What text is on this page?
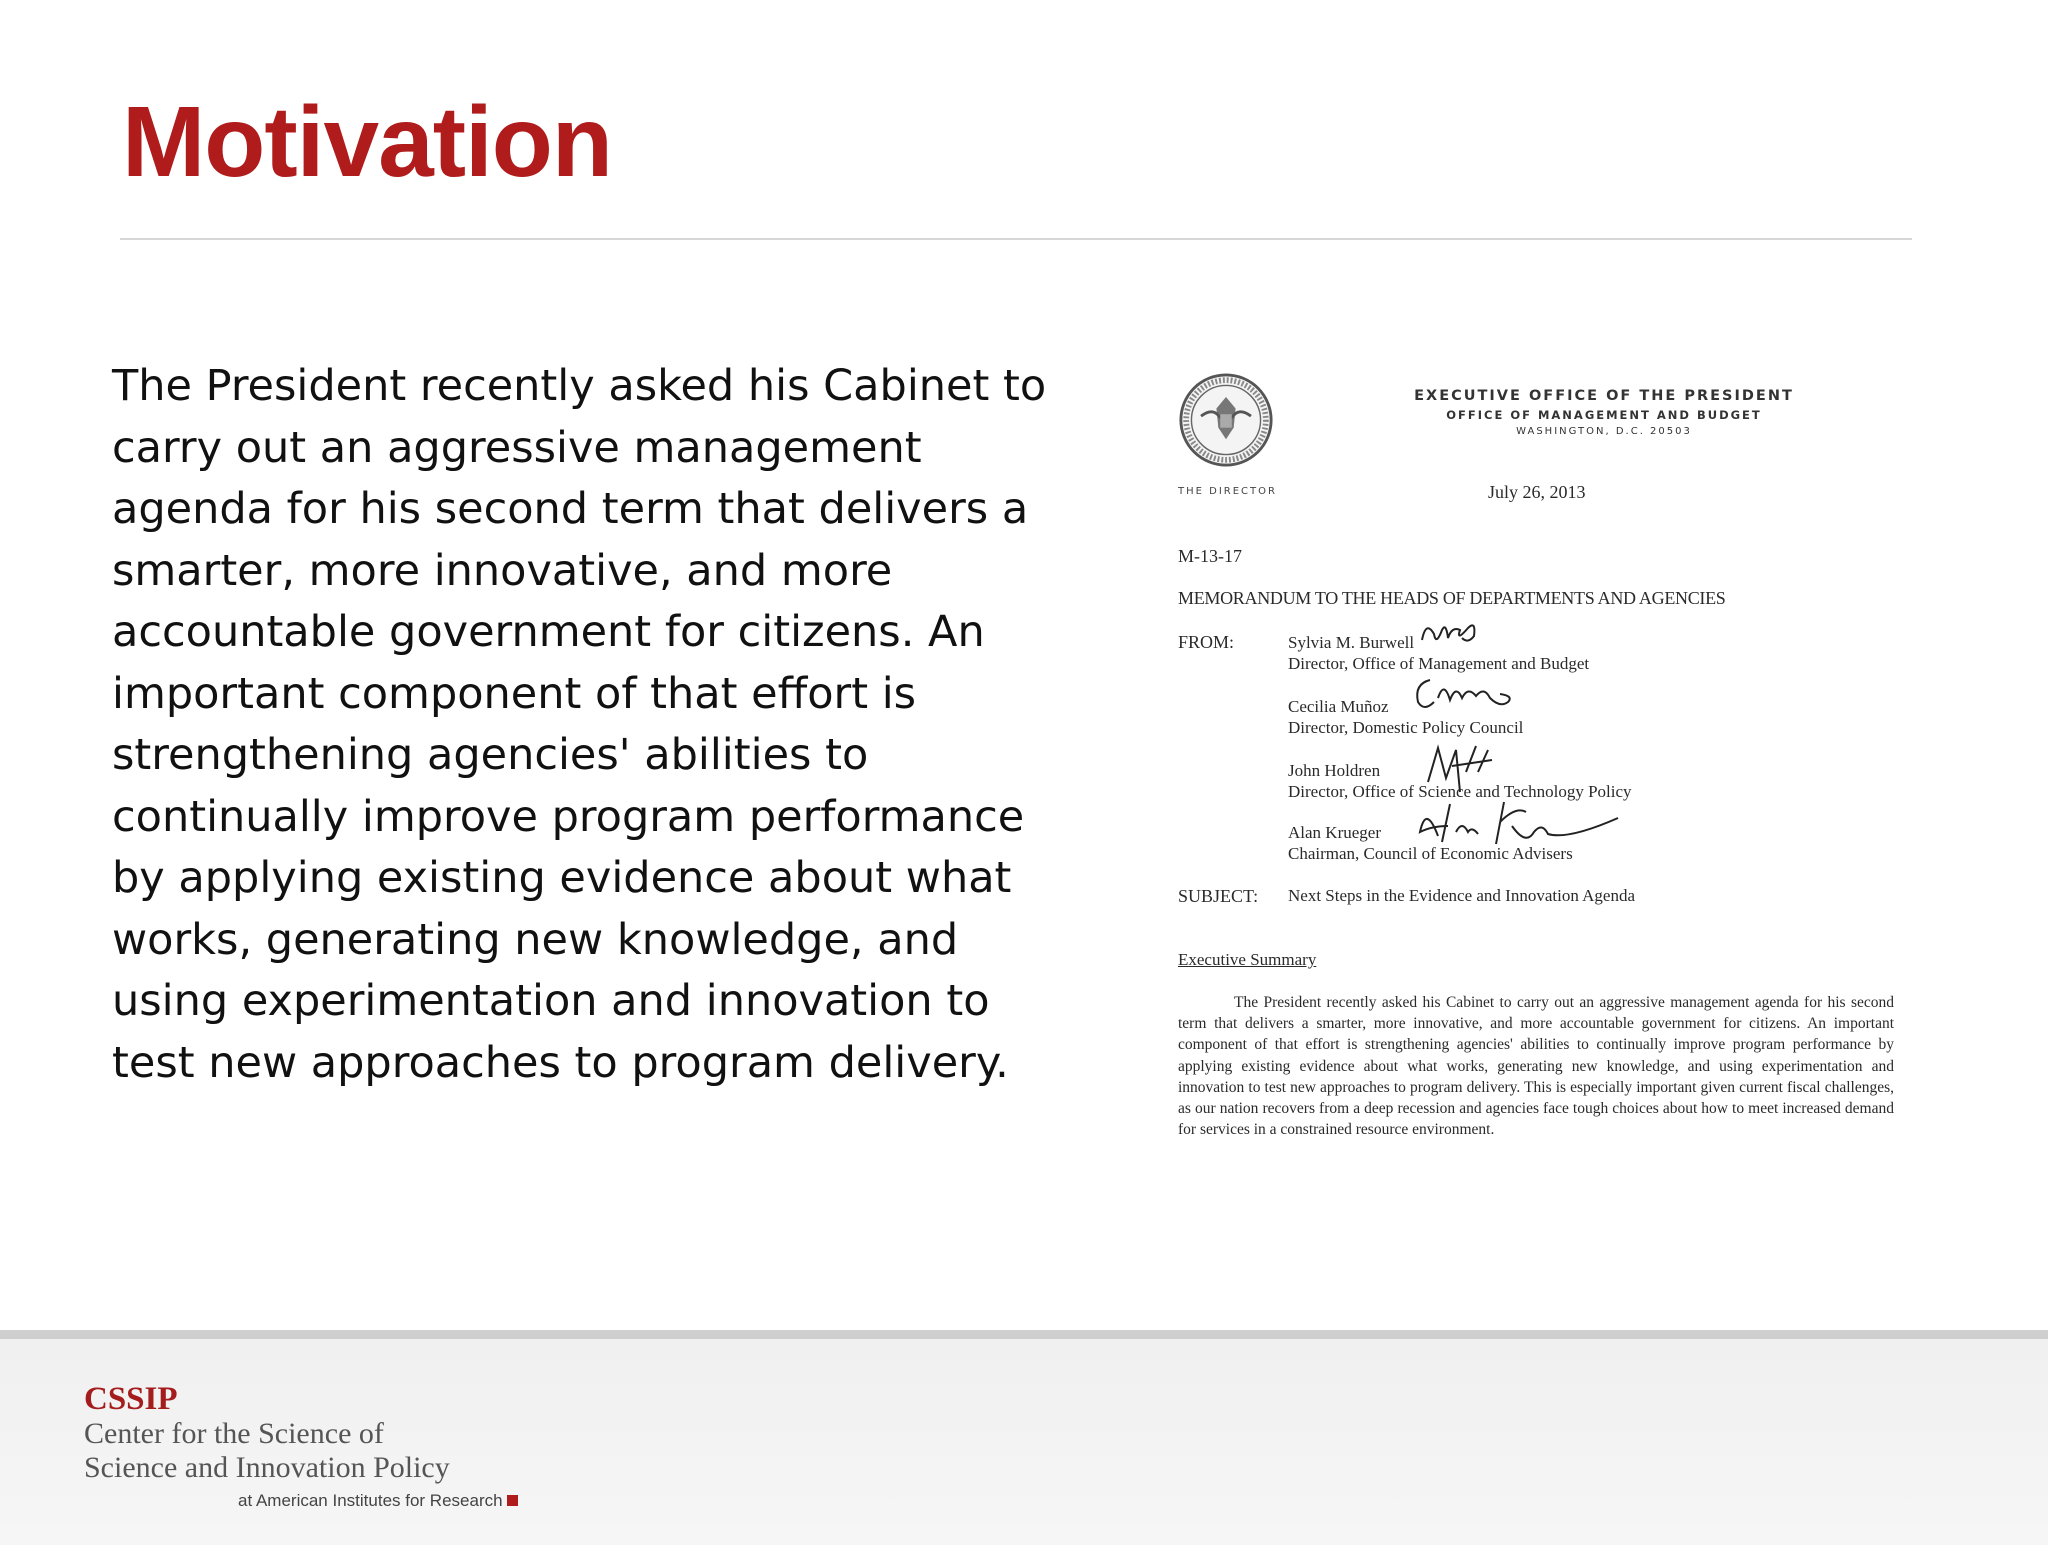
Motivation

The President recently asked his Cabinet to carry out an aggressive management agenda for his second term that delivers a smarter, more innovative, and more accountable government for citizens. An important component of that effort is strengthening agencies' abilities to continually improve program performance by applying existing evidence about what works, generating new knowledge, and using experimentation and innovation to test new approaches to program delivery.

EXECUTIVE OFFICE OF THE PRESIDENT
OFFICE OF MANAGEMENT AND BUDGET
WASHINGTON, D.C. 20503
THE DIRECTOR	July 26, 2013
M-13-17
MEMORANDUM TO THE HEADS OF DEPARTMENTS AND AGENCIES
FROM:	Sylvia M. Burwell
Director, Office of Management and Budget
Cecilia Muñoz
Director, Domestic Policy Council
John Holdren
Director, Office of Science and Technology Policy
Alan Krueger
Chairman, Council of Economic Advisers
SUBJECT: Next Steps in the Evidence and Innovation Agenda
Executive Summary

The President recently asked his Cabinet to carry out an aggressive management agenda for his second term that delivers a smarter, more innovative, and more accountable government for citizens. An important component of that effort is strengthening agencies' abilities to continually improve program performance by applying existing evidence about what works, generating new knowledge, and using experimentation and innovation to test new approaches to program delivery. This is especially important given current fiscal challenges, as our nation recovers from a deep recession and agencies face tough choices about how to meet increased demand for services in a constrained resource environment.

CSSIP
Center for the Science of
Science and Innovation Policy
at American Institutes for Research
